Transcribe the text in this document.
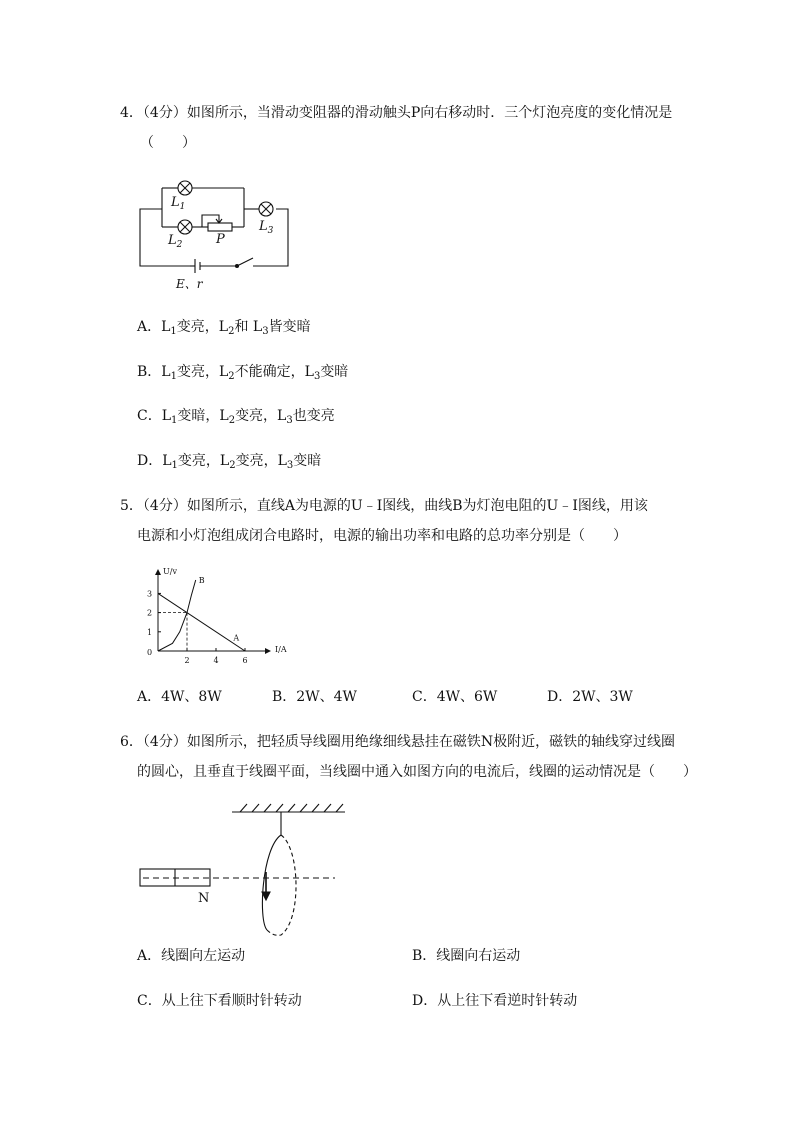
4．（4分）如图所示，当滑动变阻器的滑动触头P向右移动时．三个灯泡亮度的变化情况是
（　　）
$L_1$
$L_2$
$L_3$
P
E、r
A．$L_1$变亮，$L_2$和 $L_3$皆变暗
B．$L_1$变亮，$L_2$不能确定，$L_3$变暗
C．$L_1$变暗，$L_2$变亮，$L_3$也变亮
D．$L_1$变亮，$L_2$变亮，$L_3$变暗
5．（4分）如图所示，直线A为电源的U﹣I图线，曲线B为灯泡电阻的U﹣I图线，用该
电源和小灯泡组成闭合电路时，电源的输出功率和电路的总功率分别是（　　）
I/A
U/v
0
2	4	6
1
2
3
A
B
A．4W、8W	B．2W、4W	C．4W、6W	D．2W、3W
6．（4分）如图所示，把轻质导线圈用绝缘细线悬挂在磁铁N极附近，磁铁的轴线穿过线圈
的圆心，且垂直于线圈平面，当线圈中通入如图方向的电流后，线圈的运动情况是（　　）
N
A．线圈向左运动	B．线圈向右运动
C．从上往下看顺时针转动	D．从上往下看逆时针转动
